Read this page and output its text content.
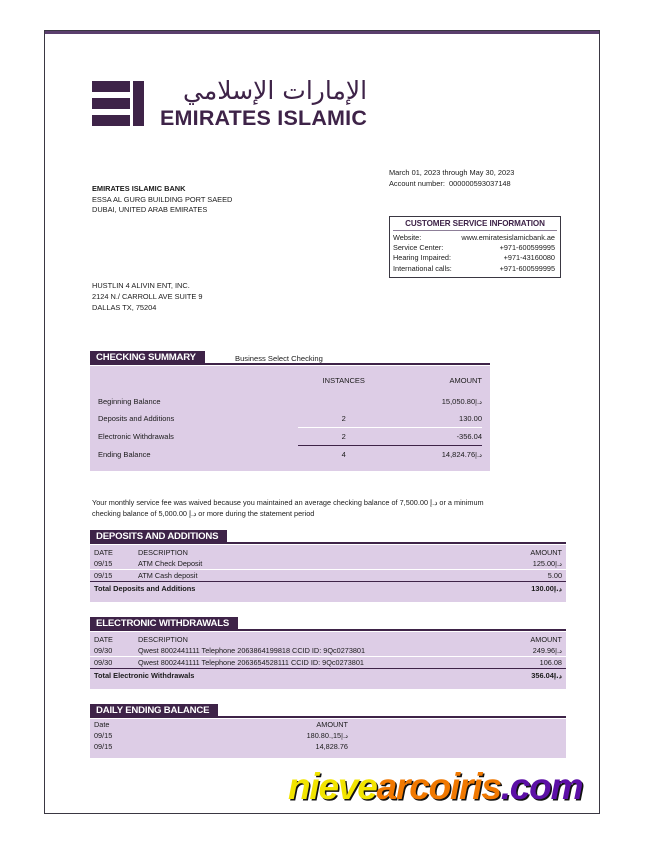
الإمارات الإسلامي
EMIRATES ISLAMIC
March 01, 2023 through May 30, 2023
Account number: 000000593037148
CUSTOMER SERVICE INFORMATION
Website:	www.emiratesislamicbank.ae
Service Center:	+971-600599995
Hearing Impaired:	+971-43160080
International calls:	+971-600599995
EMIRATES ISLAMIC BANK
ESSA AL GURG BUILDING PORT SAEED
DUBAI, UNITED ARAB EMIRATES
HUSTLIN 4 ALIVIN ENT, INC.
2124 N./ CARROLL AVE SUITE 9
DALLAS TX, 75204
CHECKING SUMMARY	Business Select Checking
	INSTANCES	AMOUNT
Beginning Balance		د.إ15,050.80
Deposits and Additions	2	130.00
Electronic Withdrawals	2	-356.04
Ending Balance	4	د.إ14,824.76
Your monthly service fee was waived because you maintained an average checking balance of د.إ 7,500.00 or a minimum checking balance of د.إ 5,000.00 or more during the statement period
DEPOSITS AND ADDITIONS
DATE	DESCRIPTION	AMOUNT
09/15	ATM Check Deposit	د.إ125.00
09/15	ATM Cash deposit	5.00
Total Deposits and Additions		د.إ130.00

ELECTRONIC WITHDRAWALS
DATE	DESCRIPTION	AMOUNT
09/30	Qwest 8002441111 Telephone 2063864199818 CCID ID: 9Qc0273801	د.إ249.96
09/30	Qwest 8002441111 Telephone 2063654528111 CCID ID: 9Qc0273801	106.08
Total Electronic Withdrawals		د.إ356.04

DAILY ENDING BALANCE
Date	AMOUNT	
09/15	د.إ15,.180.80	
09/15	14,828.76	
nievearcoiris.com
